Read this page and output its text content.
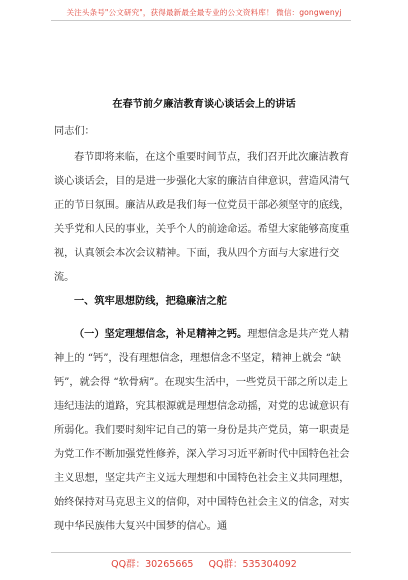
关注头条号"公文研究"，获得最新最全最专业的公文资料库！ 微信：gongwenyj
在春节前夕廉洁教育谈心谈话会上的讲话
同志们：
春节即将来临，在这个重要时间节点，我们召开此次廉洁教育谈心谈话会，目的是进一步强化大家的廉洁自律意识，营造风清气正的节日氛围。廉洁从政是我们每一位党员干部必须坚守的底线，关乎党和人民的事业，关乎个人的前途命运。希望大家能够高度重视，认真领会本次会议精神。下面，我从四个方面与大家进行交流。
一、筑牢思想防线，把稳廉洁之舵
（一）坚定理想信念，补足精神之钙。理想信念是共产党人精神上的 “钙”，没有理想信念，理想信念不坚定，精神上就会 “缺钙”，就会得 “软骨病”。在现实生活中，一些党员干部之所以走上违纪违法的道路，究其根源就是理想信念动摇，对党的忠诚意识有所弱化。我们要时刻牢记自己的第一身份是共产党员，第一职责是为党工作不断加强党性修养，深入学习习近平新时代中国特色社会主义思想，坚定共产主义远大理想和中国特色社会主义共同理想，始终保持对马克思主义的信仰，对中国特色社会主义的信念，对实现中华民族伟大复兴中国梦的信心。通
QQ群：30265665 QQ群：535304092
